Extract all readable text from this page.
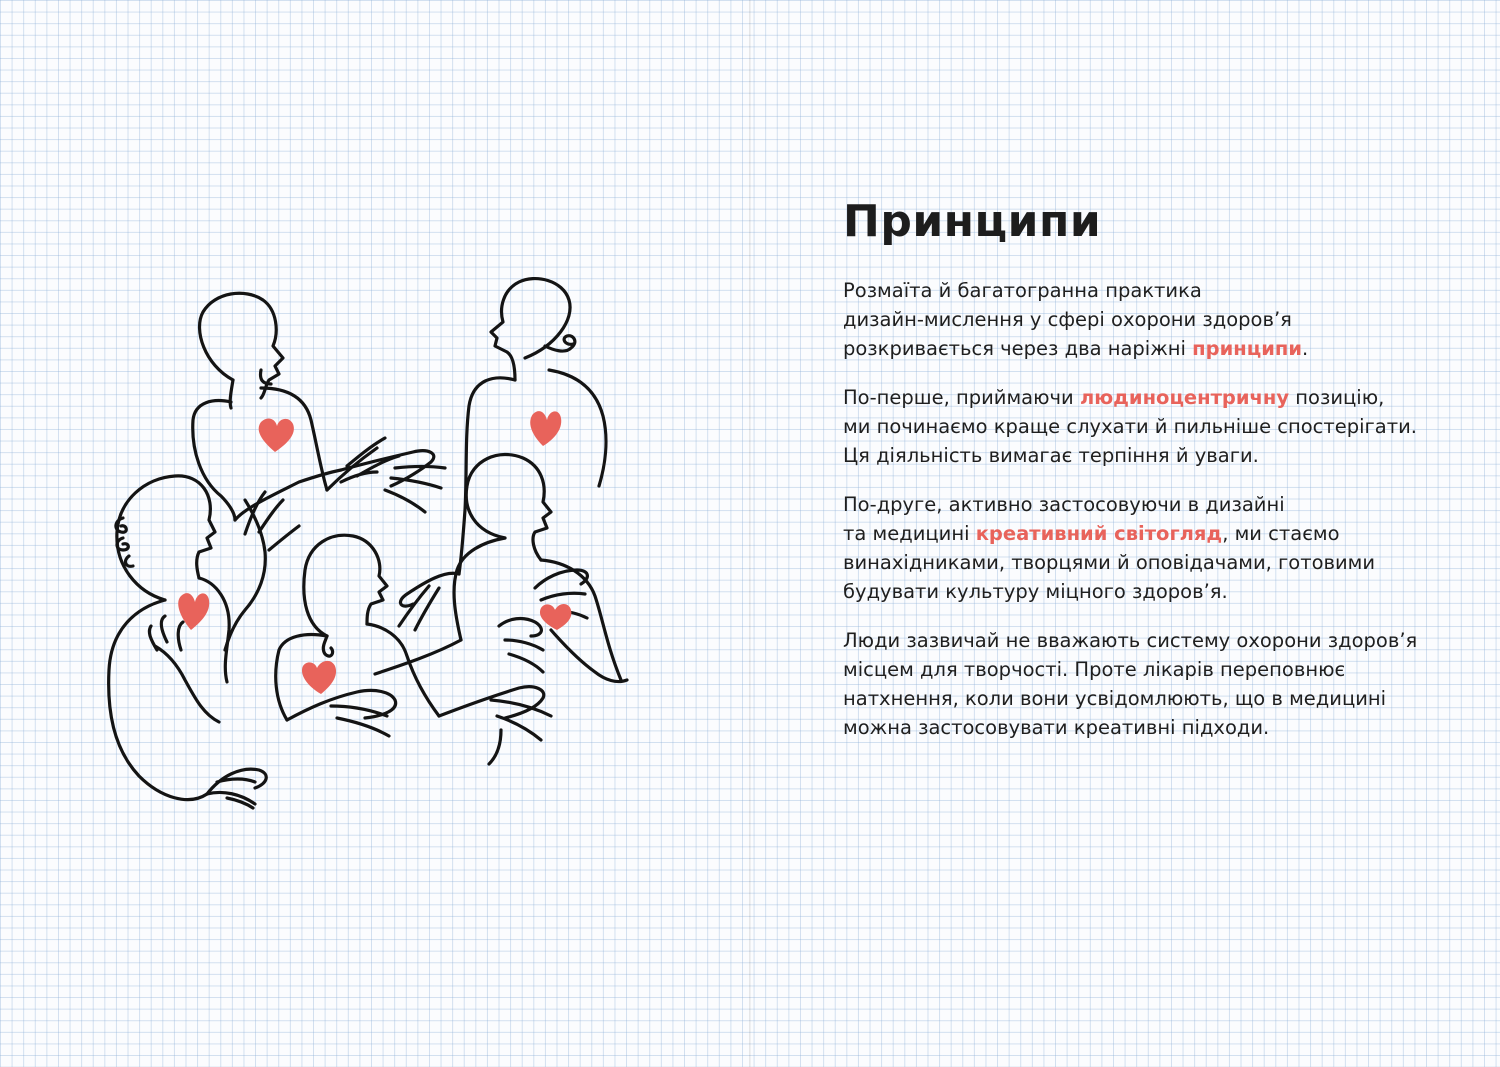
Принципи

Розмаїта й багатогранна практика
дизайн-мислення у сфері охорони здоров’я
розкривається через два наріжні принципи.

По-перше, приймаючи людиноцентричну позицію,
ми починаємо краще слухати й пильніше спостерігати.
Ця діяльність вимагає терпіння й уваги.

По-друге, активно застосовуючи в дизайні
та медицині креативний світогляд, ми стаємо
винахідниками, творцями й оповідачами, готовими
будувати культуру міцного здоров’я.

Люди зазвичай не вважають систему охорони здоров’я
місцем для творчості. Проте лікарів переповнює
натхнення, коли вони усвідомлюють, що в медицині
можна застосовувати креативні підходи.
